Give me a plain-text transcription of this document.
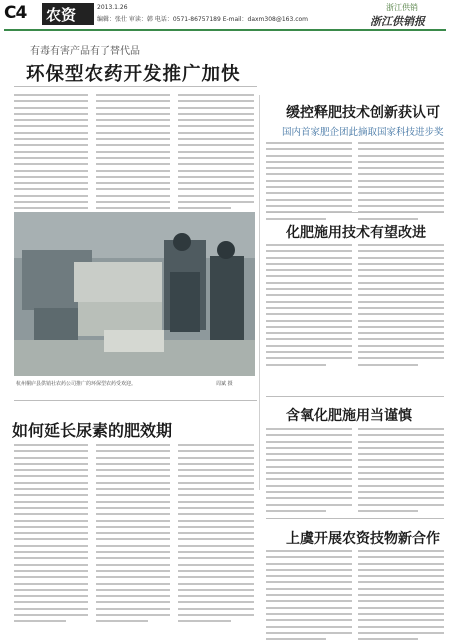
C4 农资	2013.1.26
编辑：张仕 审读：韩 电话：0571-86757189 E-mail：daxm308@163.com
浙江供销
浙江供销报
有毒有害产品有了替代品
环保型农药开发推广加快
杭州桐庐县供销社农药公司推广的环保型农药受欢迎。	周斌 摄
如何延长尿素的肥效期
缓控释肥技术创新获认可
国内首家肥企团此摘取国家科技进步奖
化肥施用技术有望改进
含氧化肥施用当谨慎
上虞开展农资技物新合作
